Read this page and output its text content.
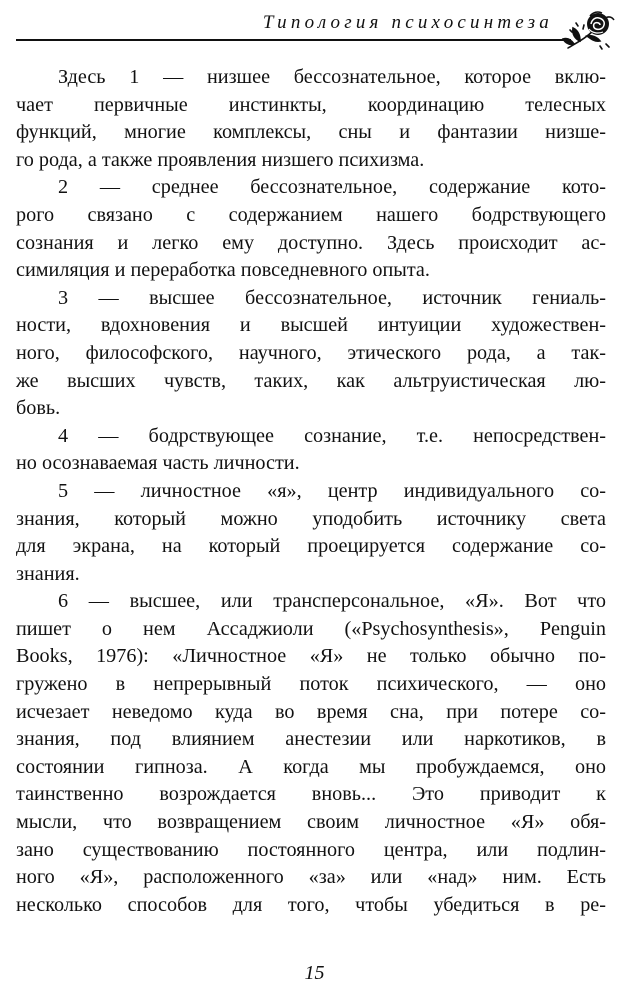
Типология психосинтеза

Здесь 1 — низшее бессознательное, которое вклю-
чает первичные инстинкты, координацию телесных
функций, многие комплексы, сны и фантазии низше-
го рода, а также проявления низшего психизма.

2 — среднее бессознательное, содержание кото-
рого связано с содержанием нашего бодрствующего
сознания и легко ему доступно. Здесь происходит ас-
симиляция и переработка повседневного опыта.

3 — высшее бессознательное, источник гениаль-
ности, вдохновения и высшей интуиции художествен-
ного, философского, научного, этического рода, а так-
же высших чувств, таких, как альтруистическая лю-
бовь.

4 — бодрствующее сознание, т.е. непосредствен-
но осознаваемая часть личности.

5 — личностное «я», центр индивидуального со-
знания, который можно уподобить источнику света
для экрана, на который проецируется содержание со-
знания.

6 — высшее, или трансперсональное, «Я». Вот что
пишет о нем Ассаджиоли («Psychosynthesis», Penguin
Books, 1976): «Личностное «Я» не только обычно по-
гружено в непрерывный поток психического, — оно
исчезает неведомо куда во время сна, при потере со-
знания, под влиянием анестезии или наркотиков, в
состоянии гипноза. А когда мы пробуждаемся, оно
таинственно возрождается вновь... Это приводит к
мысли, что возвращением своим личностное «Я» обя-
зано существованию постоянного центра, или подлин-
ного «Я», расположенного «за» или «над» ним. Есть
несколько способов для того, чтобы убедиться в ре-

15
